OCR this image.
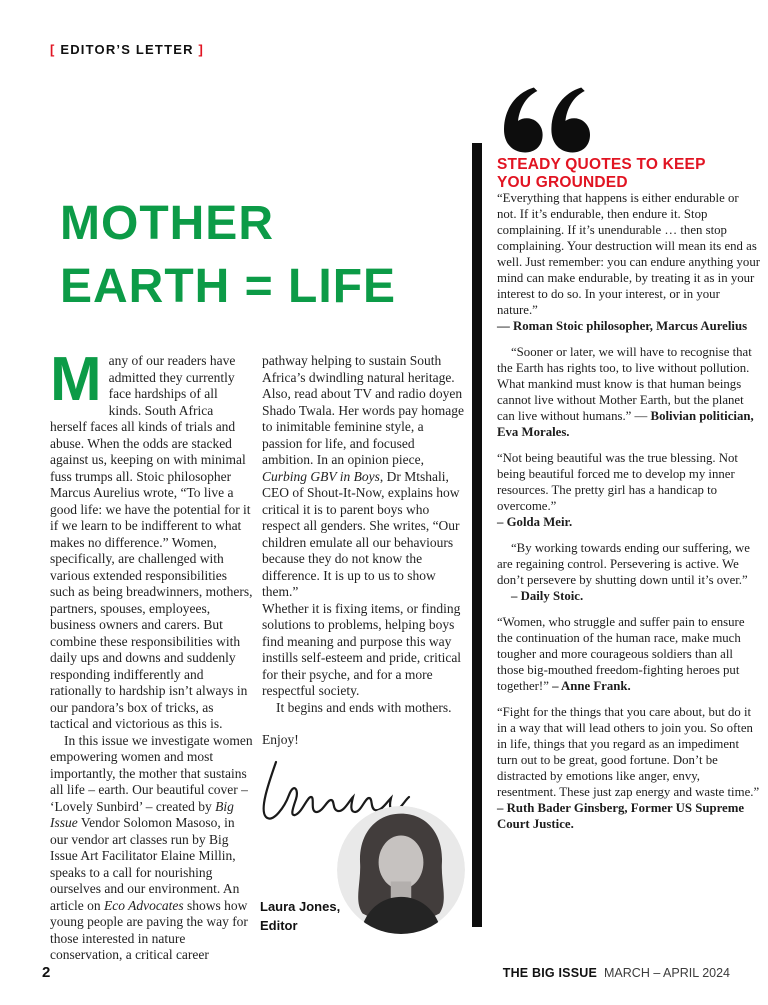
[ EDITOR’S LETTER ]
MOTHER
EARTH = LIFE

Many of our readers have admitted they currently face hardships of all kinds. South Africa herself faces all kinds of trials and abuse. When the odds are stacked against us, keeping on with minimal fuss trumps all. Stoic philosopher Marcus Aurelius wrote, “To live a good life: we have the potential for it if we learn to be indifferent to what makes no difference.” Women, specifically, are challenged with various extended responsibilities such as being breadwinners, mothers, partners, spouses, employees, business owners and carers. But combine these responsibilities with daily ups and downs and suddenly responding indifferently and rationally to hardship isn’t always in our pandora’s box of tricks, as tactical and victorious as this is.

In this issue we investigate women empowering women and most importantly, the mother that sustains all life – earth. Our beautiful cover – ‘Lovely Sunbird’ – created by Big Issue Vendor Solomon Masoso, in our vendor art classes run by Big Issue Art Facilitator Elaine Millin, speaks to a call for nourishing ourselves and our environment. An article on Eco Advocates shows how young people are paving the way for those interested in nature conservation, a critical career

pathway helping to sustain South Africa’s dwindling natural heritage. Also, read about TV and radio doyen Shado Twala. Her words pay homage to inimitable feminine style, a passion for life, and focused ambition. In an opinion piece, Curbing GBV in Boys, Dr Mtshali, CEO of Shout-It-Now, explains how critical it is to parent boys who respect all genders. She writes, “Our children emulate all our behaviours because they do not know the difference. It is up to us to show them.”

Whether it is fixing items, or finding solutions to problems, helping boys find meaning and purpose this way instills self-esteem and pride, critical for their psyche, and for a more respectful society.

It begins and ends with mothers.

Enjoy!

Laura Jones,
Editor
STEADY QUOTES TO KEEP
YOU GROUNDED

“Everything that happens is either endurable or not. If it’s endurable, then endure it. Stop complaining. If it’s unendurable … then stop complaining. Your destruction will mean its end as well. Just remember: you can endure anything your mind can make endurable, by treating it as in your interest to do so. In your interest, or in your nature.”
— Roman Stoic philosopher, Marcus Aurelius

“Sooner or later, we will have to recognise that the Earth has rights too, to live without pollution. What mankind must know is that human beings cannot live without Mother Earth, but the planet can live without humans.” — Bolivian politician, Eva Morales.

“Not being beautiful was the true blessing. Not being beautiful forced me to develop my inner resources. The pretty girl has a handicap to overcome.”
– Golda Meir.

“By working towards ending our suffering, we are regaining control. Persevering is active. We don’t persevere by shutting down until it’s over.”
– Daily Stoic.

“Women, who struggle and suffer pain to ensure the continuation of the human race, make much tougher and more courageous soldiers than all those big-mouthed freedom-fighting heroes put together!” – Anne Frank.

“Fight for the things that you care about, but do it in a way that will lead others to join you. So often in life, things that you regard as an impediment turn out to be great, good fortune. Don’t be distracted by emotions like anger, envy, resentment. These just zap energy and waste time.”
– Ruth Bader Ginsberg, Former US Supreme Court Justice.

2	THE BIG ISSUE MARCH – APRIL 2024
